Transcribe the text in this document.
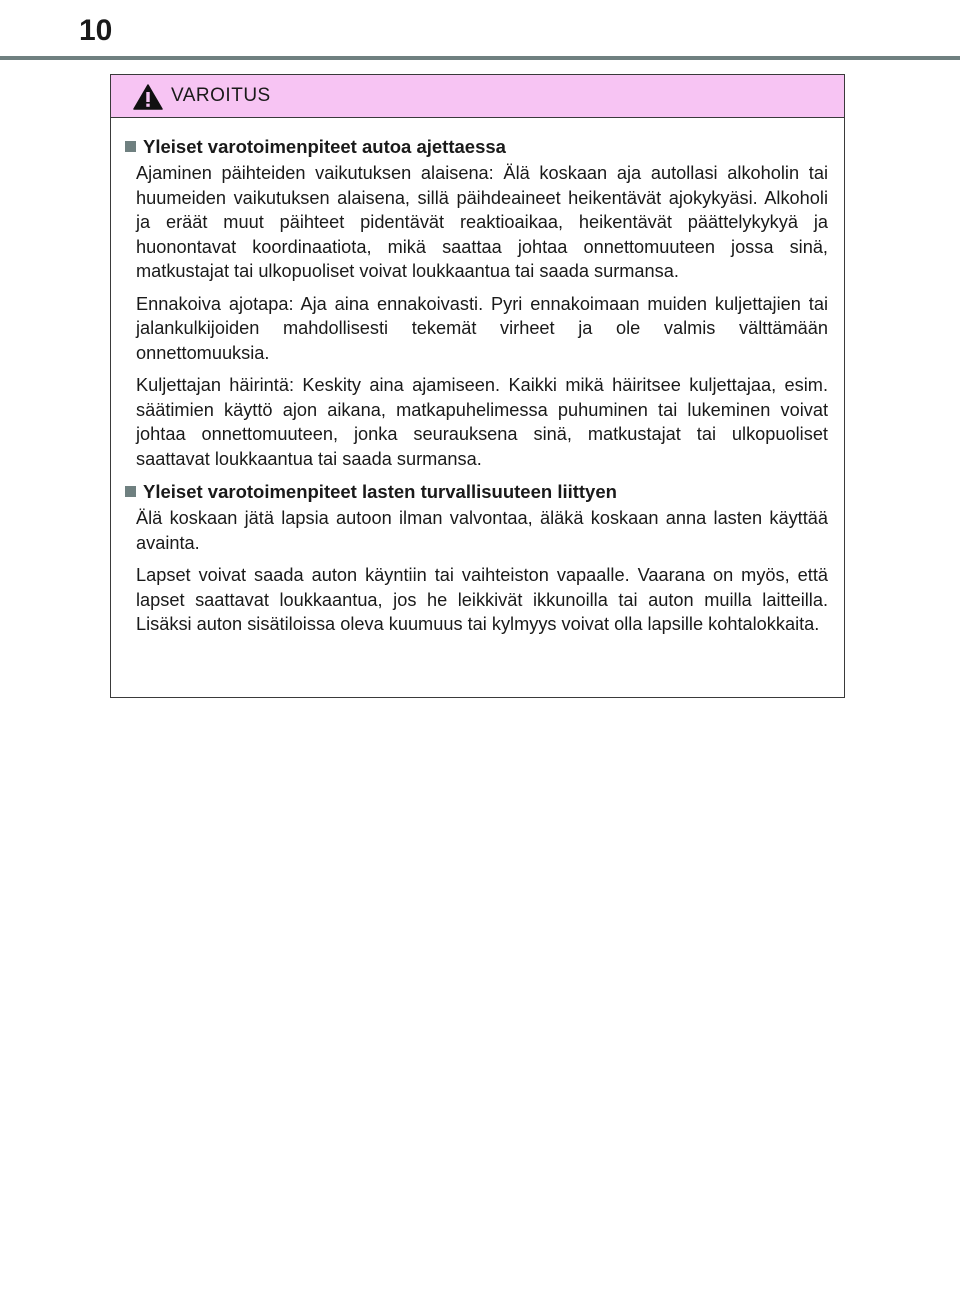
10
VAROITUS
Yleiset varotoimenpiteet autoa ajettaessa

Ajaminen päihteiden vaikutuksen alaisena: Älä koskaan aja autollasi alkoholin tai huumeiden vaikutuksen alaisena, sillä päihdeaineet heikentävät ajokykyäsi. Alkoholi ja eräät muut päihteet pidentävät reaktioaikaa, heikentävät päättelykykyä ja huonontavat koordinaatiota, mikä saattaa johtaa onnettomuuteen jossa sinä, matkustajat tai ulkopuoliset voivat loukkaantua tai saada surmansa.

Ennakoiva ajotapa: Aja aina ennakoivasti. Pyri ennakoimaan muiden kuljettajien tai jalankulkijoiden mahdollisesti tekemät virheet ja ole valmis välttämään onnettomuuksia.

Kuljettajan häirintä: Keskity aina ajamiseen. Kaikki mikä häiritsee kuljettajaa, esim. säätimien käyttö ajon aikana, matkapuhelimessa puhuminen tai lukeminen voivat johtaa onnettomuuteen, jonka seurauksena sinä, matkustajat tai ulkopuoliset saattavat loukkaantua tai saada surmansa.

Yleiset varotoimenpiteet lasten turvallisuuteen liittyen

Älä koskaan jätä lapsia autoon ilman valvontaa, äläkä koskaan anna lasten käyttää avainta.

Lapset voivat saada auton käyntiin tai vaihteiston vapaalle. Vaarana on myös, että lapset saattavat loukkaantua, jos he leikkivät ikkunoilla tai auton muilla laitteilla. Lisäksi auton sisätiloissa oleva kuumuus tai kylmyys voivat olla lapsille kohtalokkaita.
